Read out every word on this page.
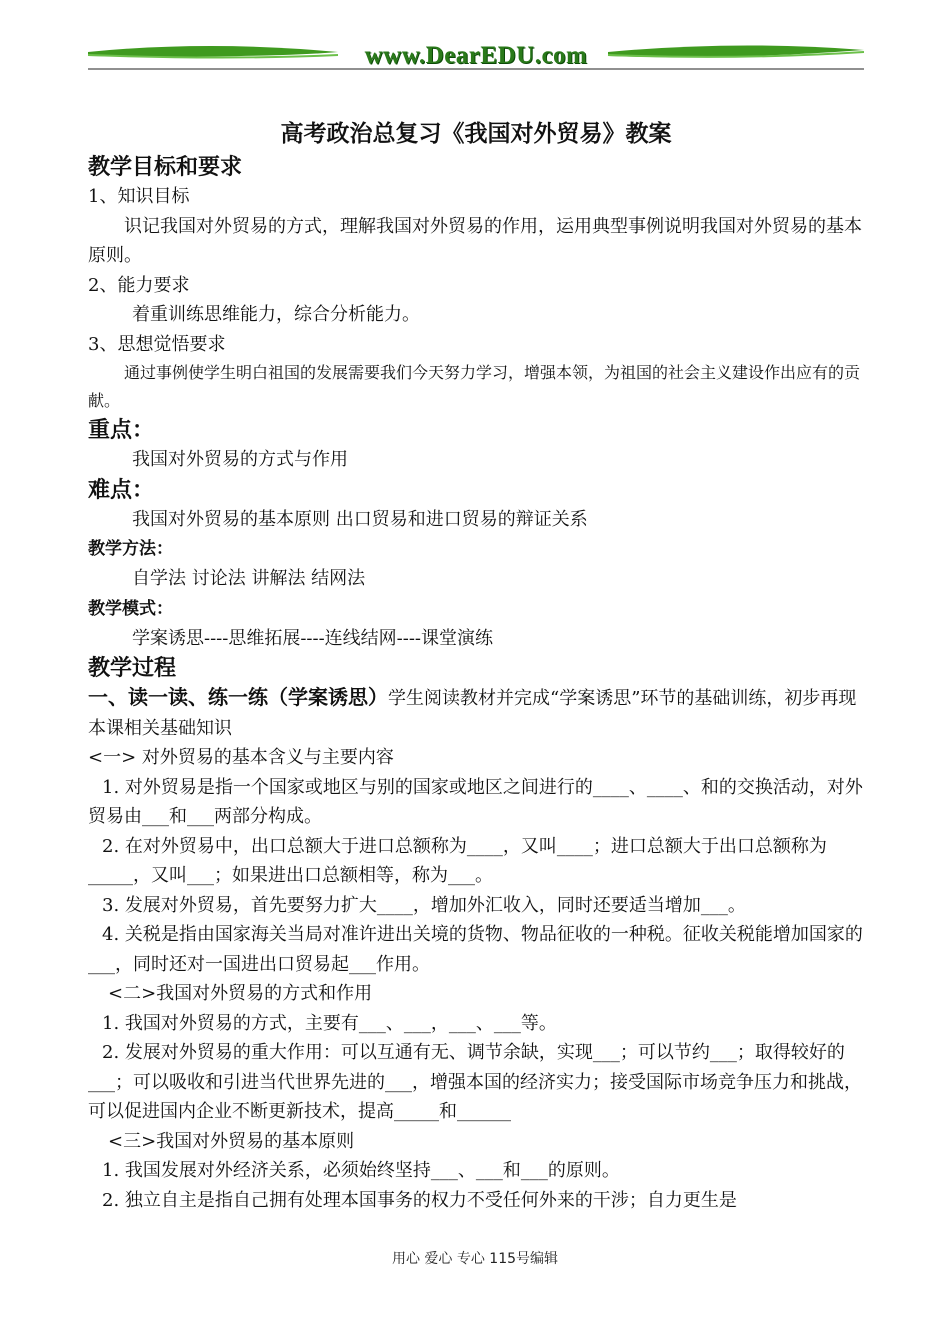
www.DearEDU.com
高考政治总复习《我国对外贸易》教案
教学目标和要求

1、知识目标

识记我国对外贸易的方式，理解我国对外贸易的作用，运用典型事例说明我国对外贸易的基本原则。

2、能力要求

着重训练思维能力，综合分析能力。

3、思想觉悟要求

通过事例使学生明白祖国的发展需要我们今天努力学习，增强本领，为祖国的社会主义建设作出应有的贡献。

重点：

我国对外贸易的方式与作用

难点：

我国对外贸易的基本原则 出口贸易和进口贸易的辩证关系

教学方法：

自学法 讨论法 讲解法 结网法

教学模式：

学案诱思----思维拓展----连线结网----课堂演练

教学过程

一、读一读、练一练（学案诱思）学生阅读教材并完成“学案诱思”环节的基础训练，初步再现本课相关基础知识

<一> 对外贸易的基本含义与主要内容

1. 对外贸易是指一个国家或地区与别的国家或地区之间进行的____、____、和的交换活动，对外贸易由___和___两部分构成。

2. 在对外贸易中，出口总额大于进口总额称为____，又叫____；进口总额大于出口总额称为_____，又叫___；如果进出口总额相等，称为___。

3. 发展对外贸易，首先要努力扩大____，增加外汇收入，同时还要适当增加___。

4. 关税是指由国家海关当局对准许进出关境的货物、物品征收的一种税。征收关税能增加国家的___，同时还对一国进出口贸易起___作用。

<二>我国对外贸易的方式和作用

1. 我国对外贸易的方式，主要有___、___，___、___等。

2. 发展对外贸易的重大作用：可以互通有无、调节余缺，实现___；可以节约___；取得较好的___；可以吸收和引进当代世界先进的___，增强本国的经济实力；接受国际市场竞争压力和挑战，可以促进国内企业不断更新技术，提高_____和______

<三>我国对外贸易的基本原则

1. 我国发展对外经济关系，必须始终坚持___、___和___的原则。

2. 独立自主是指自己拥有处理本国事务的权力不受任何外来的干涉；自力更生是

用心 爱心 专心 115号编辑
